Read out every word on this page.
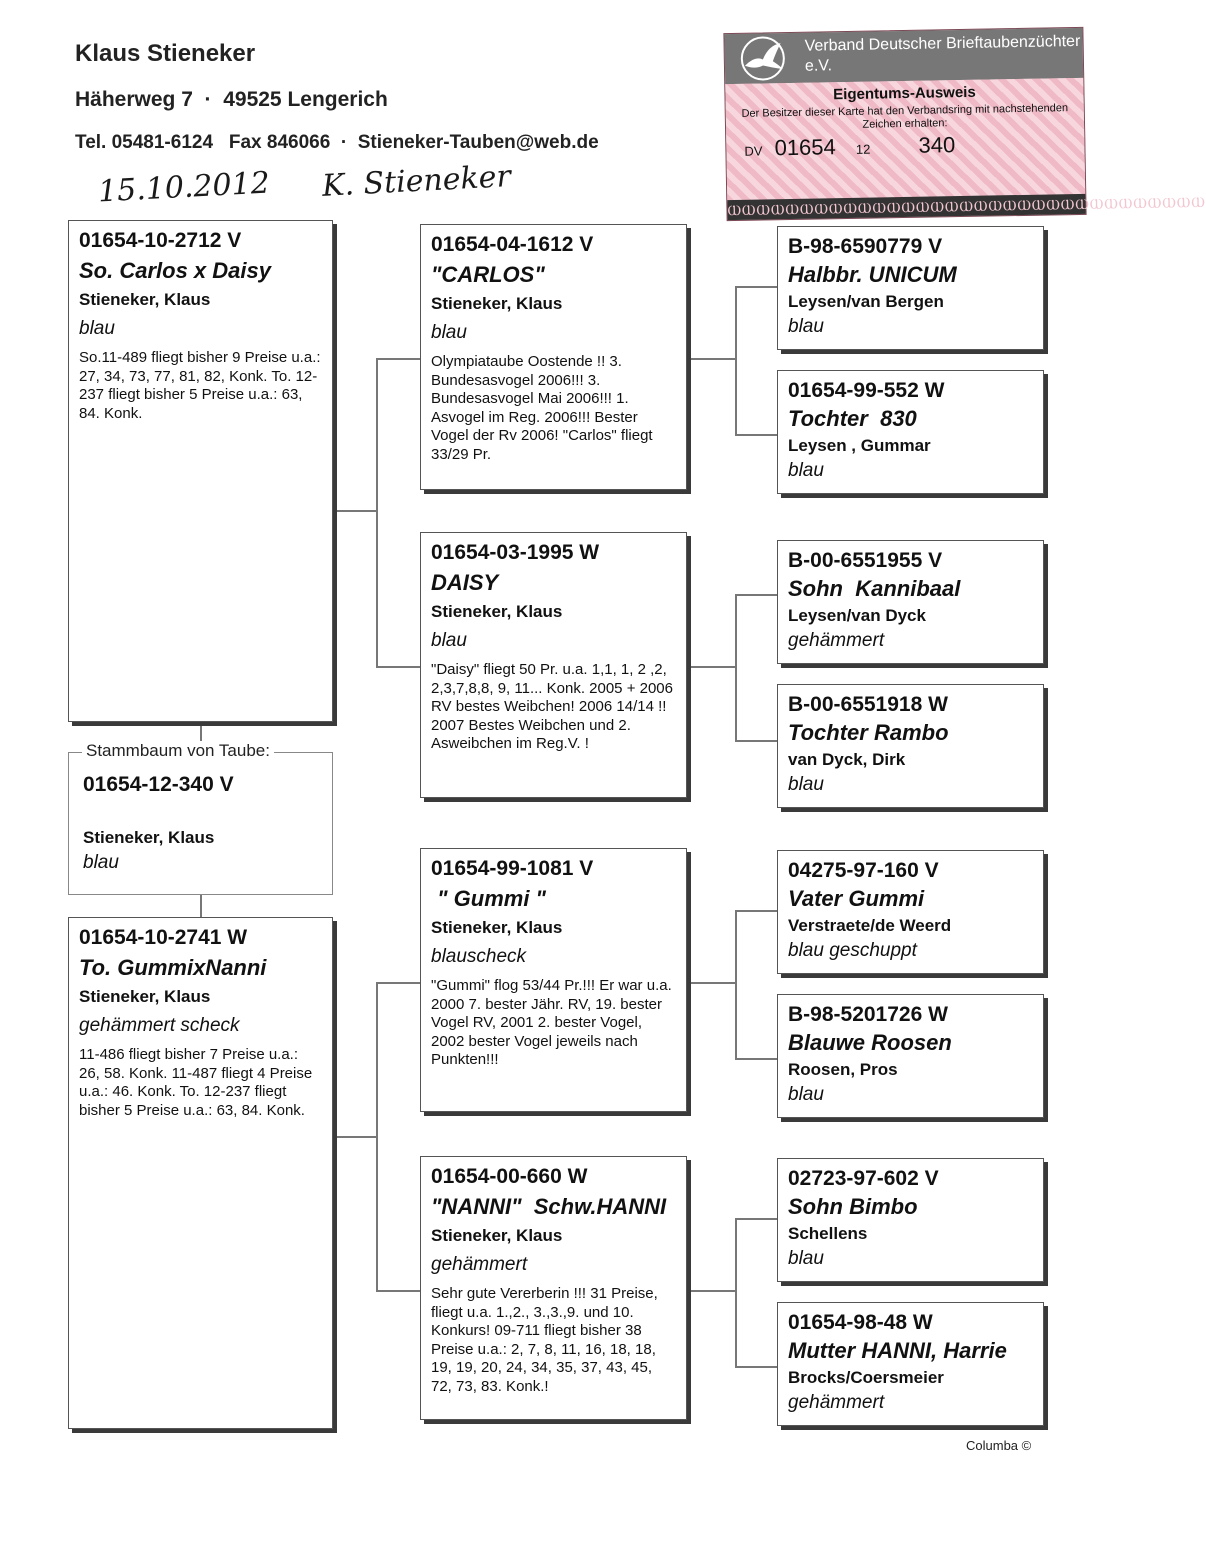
Klaus Stieneker
Häherweg 7  ·  49525 Lengerich
Tel. 05481-6124   Fax 846066  ·  Stieneker-Tauben@web.de
15.10.2012 K. Stieneker
Verband Deutscher Brieftaubenzüchter e.V.
Eigentums-Ausweis
Der Besitzer dieser Karte hat den Verbandsring mit nachstehenden Zeichen erhalten:
DV 01654 12 340
ⲰⲰⲰⲰⲰⲰⲰⲰⲰⲰⲰⲰⲰⲰⲰⲰⲰⲰⲰⲰⲰⲰⲰⲰⲰⲰⲰⲰⲰⲰⲰⲰⲰ
01654-10-2712 V
So. Carlos x Daisy
Stieneker, Klaus
blau
So.11-489 fliegt bisher 9 Preise u.a.: 27, 34, 73, 77, 81, 82, Konk. To. 12-237 fliegt bisher 5 Preise u.a.: 63, 84. Konk.
01654-12-340 V
Stieneker, Klaus
blau
Stammbaum von Taube:
01654-10-2741 W
To. GummixNanni
Stieneker, Klaus
gehämmert scheck
11-486 fliegt bisher 7 Preise u.a.: 26, 58. Konk. 11-487 fliegt 4 Preise u.a.: 46. Konk. To. 12-237 fliegt bisher 5 Preise u.a.: 63, 84. Konk.
01654-04-1612 V
"CARLOS"
Stieneker, Klaus
blau
Olympiataube Oostende !! 3. Bundesasvogel 2006!!! 3. Bundesasvogel Mai 2006!!! 1. Asvogel im Reg. 2006!!! Bester Vogel der Rv 2006! "Carlos" fliegt 33/29 Pr.
01654-03-1995 W
DAISY
Stieneker, Klaus
blau
"Daisy" fliegt 50 Pr. u.a. 1,1, 1, 2 ,2, 2,3,7,8,8, 9, 11... Konk. 2005 + 2006 RV bestes Weibchen! 2006 14/14 !! 2007 Bestes Weibchen und 2. Asweibchen im Reg.V. !
01654-99-1081 V
" Gummi "
Stieneker, Klaus
blauscheck
"Gummi" flog 53/44 Pr.!!! Er war u.a. 2000 7. bester Jähr. RV, 19. bester Vogel RV, 2001 2. bester Vogel, 2002 bester Vogel jeweils nach Punkten!!!
01654-00-660 W
"NANNI"  Schw.HANNI
Stieneker, Klaus
gehämmert
Sehr gute Vererberin !!! 31 Preise, fliegt u.a. 1.,2., 3.,3.,9. und 10. Konkurs! 09-711 fliegt bisher 38 Preise u.a.: 2, 7, 8, 11, 16, 18, 18, 19, 19, 20, 24, 34, 35, 37, 43, 45, 72, 73, 83. Konk.!
B-98-6590779 V
Halbbr. UNICUM
Leysen/van Bergen
blau
01654-99-552 W
Tochter  830
Leysen , Gummar
blau
B-00-6551955 V
Sohn  Kannibaal
Leysen/van Dyck
gehämmert
B-00-6551918 W
Tochter Rambo
van Dyck, Dirk
blau
04275-97-160 V
Vater Gummi
Verstraete/de Weerd
blau geschuppt
B-98-5201726 W
Blauwe Roosen
Roosen, Pros
blau
02723-97-602 V
Sohn Bimbo
Schellens
blau
01654-98-48 W
Mutter HANNI, Harrie
Brocks/Coersmeier
gehämmert
Columba ©
